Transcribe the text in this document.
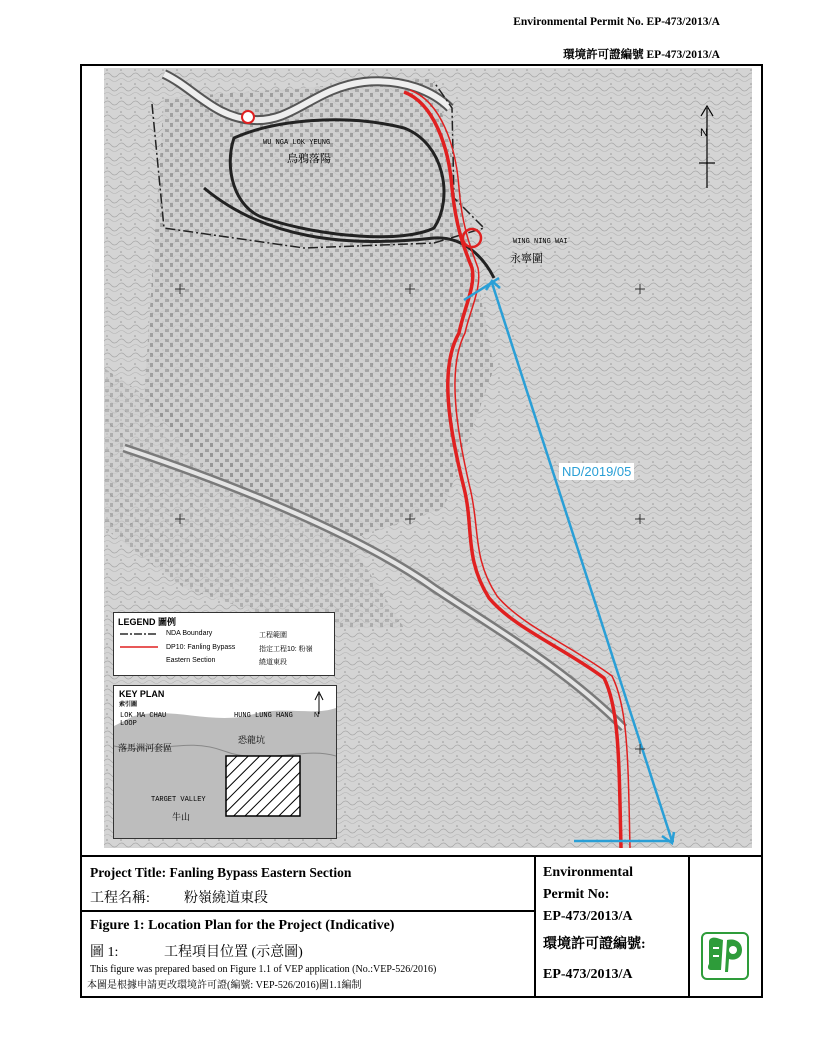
Environmental Permit No. EP-473/2013/A
環境許可證編號 EP-473/2013/A
WU NGA LOK YEUNG
烏鴉落陽
WING NING WAI
永寧圍
N
ND/2019/05
LEGEND 圖例
NDA Boundary	工程範圍
DP10: Fanling Bypass	指定工程10: 粉嶺
Eastern Section	繞道東段
KEY PLAN
索引圖
LOK MA CHAU LOOP
落馬洲河套區
HUNG LUNG HANG
恐龍坑
TARGET VALLEY
牛山
N
Project Title: Fanling Bypass Eastern Section
工程名稱: 粉嶺繞道東段
Figure 1: Location Plan for the Project (Indicative)
圖 1:	工程項目位置 (示意圖)
This figure was prepared based on Figure 1.1 of VEP application (No.:VEP-526/2016)
本圖是根據申請更改環境許可證(編號: VEP-526/2016)圖1.1編制
Environmental
Permit No:
EP-473/2013/A
環境許可證編號:
EP-473/2013/A
